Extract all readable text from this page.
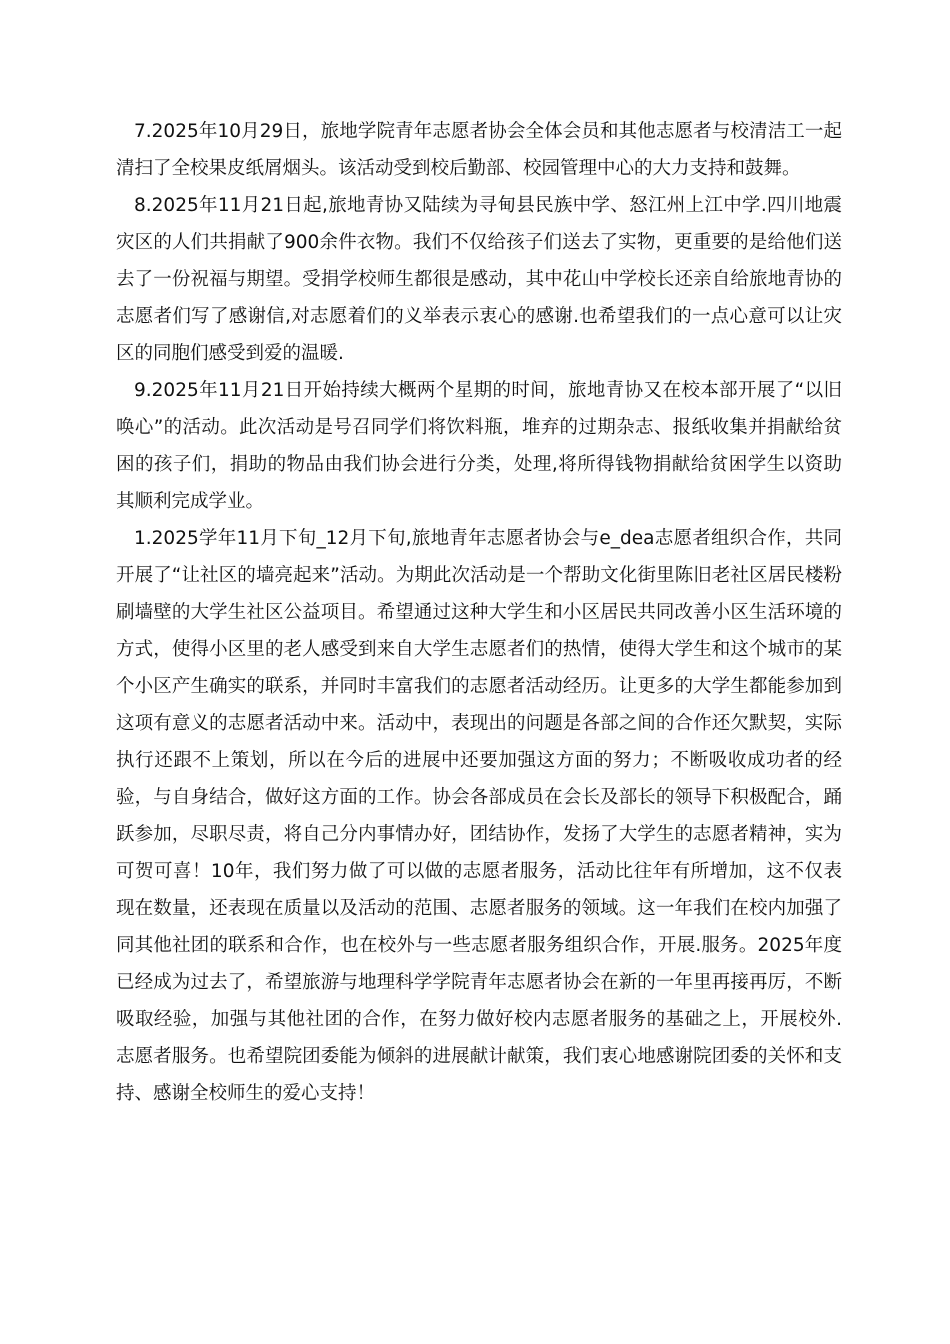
7.2025年10月29日，旅地学院青年志愿者协会全体会员和其他志愿者与校清洁工一起清扫了全校果皮纸屑烟头。该活动受到校后勤部、校园管理中心的大力支持和鼓舞。

8.2025年11月21日起,旅地青协又陆续为寻甸县民族中学、怒江州上江中学.四川地震灾区的人们共捐献了900余件衣物。我们不仅给孩子们送去了实物，更重要的是给他们送去了一份祝福与期望。受捐学校师生都很是感动，其中花山中学校长还亲自给旅地青协的志愿者们写了感谢信,对志愿着们的义举表示衷心的感谢.也希望我们的一点心意可以让灾区的同胞们感受到爱的温暖.

9.2025年11月21日开始持续大概两个星期的时间，旅地青协又在校本部开展了“以旧唤心”的活动。此次活动是号召同学们将饮料瓶，堆弃的过期杂志、报纸收集并捐献给贫困的孩子们，捐助的物品由我们协会进行分类，处理,将所得钱物捐献给贫困学生以资助其顺利完成学业。

1.2025学年11月下旬_12月下旬,旅地青年志愿者协会与e_dea志愿者组织合作，共同开展了“让社区的墙亮起来”活动。为期此次活动是一个帮助文化街里陈旧老社区居民楼粉刷墙壁的大学生社区公益项目。希望通过这种大学生和小区居民共同改善小区生活环境的方式，使得小区里的老人感受到来自大学生志愿者们的热情，使得大学生和这个城市的某个小区产生确实的联系，并同时丰富我们的志愿者活动经历。让更多的大学生都能参加到这项有意义的志愿者活动中来。活动中，表现出的问题是各部之间的合作还欠默契，实际执行还跟不上策划，所以在今后的进展中还要加强这方面的努力；不断吸收成功者的经验，与自身结合，做好这方面的工作。协会各部成员在会长及部长的领导下积极配合，踊跃参加，尽职尽责，将自己分内事情办好，团结协作，发扬了大学生的志愿者精神，实为可贺可喜！10年，我们努力做了可以做的志愿者服务，活动比往年有所增加，这不仅表现在数量，还表现在质量以及活动的范围、志愿者服务的领域。这一年我们在校内加强了同其他社团的联系和合作，也在校外与一些志愿者服务组织合作，开展.服务。2025年度已经成为过去了，希望旅游与地理科学学院青年志愿者协会在新的一年里再接再厉，不断吸取经验，加强与其他社团的合作，在努力做好校内志愿者服务的基础之上，开展校外.志愿者服务。也希望院团委能为倾斜的进展献计献策，我们衷心地感谢院团委的关怀和支持、感谢全校师生的爱心支持！
